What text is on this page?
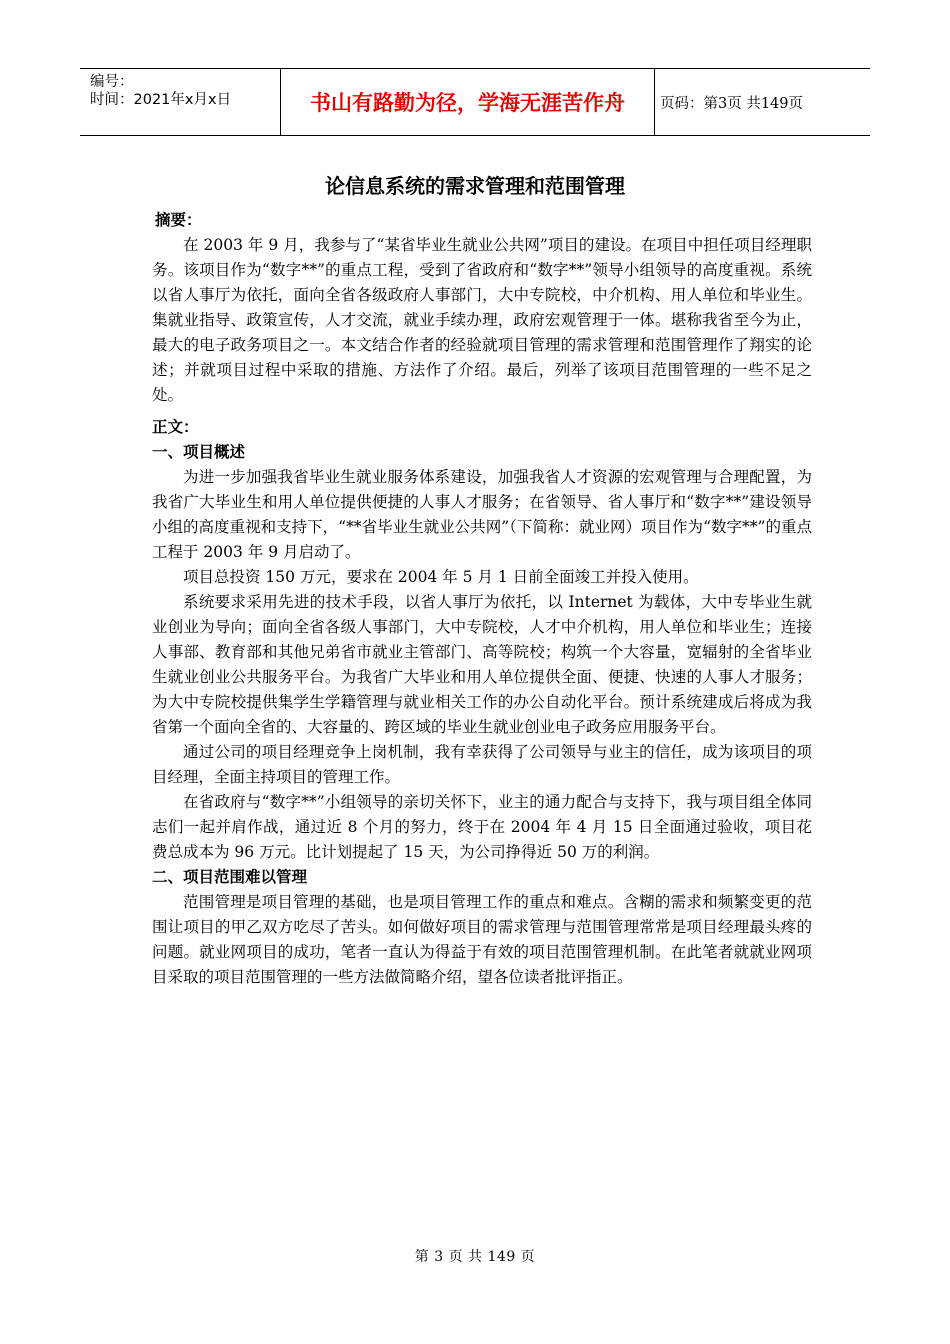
编号：
时间：2021年x月x日	书山有路勤为径，学海无涯苦作舟	页码：第3页 共149页
论信息系统的需求管理和范围管理

摘要：

在 2003 年 9 月，我参与了“某省毕业生就业公共网”项目的建设。在项目中担任项目经理职务。该项目作为“数字**”的重点工程，受到了省政府和“数字**”领导小组领导的高度重视。系统以省人事厅为依托，面向全省各级政府人事部门，大中专院校，中介机构、用人单位和毕业生。集就业指导、政策宣传，人才交流，就业手续办理，政府宏观管理于一体。堪称我省至今为止，最大的电子政务项目之一。本文结合作者的经验就项目管理的需求管理和范围管理作了翔实的论述；并就项目过程中采取的措施、方法作了介绍。最后，列举了该项目范围管理的一些不足之处。

正文：

一、项目概述

为进一步加强我省毕业生就业服务体系建设，加强我省人才资源的宏观管理与合理配置，为我省广大毕业生和用人单位提供便捷的人事人才服务；在省领导、省人事厅和“数字**”建设领导小组的高度重视和支持下，“**省毕业生就业公共网”（下简称：就业网）项目作为“数字**”的重点工程于 2003 年 9 月启动了。

项目总投资 150 万元，要求在 2004 年 5 月 1 日前全面竣工并投入使用。

系统要求采用先进的技术手段，以省人事厅为依托，以 Internet 为载体，大中专毕业生就业创业为导向；面向全省各级人事部门，大中专院校，人才中介机构，用人单位和毕业生；连接人事部、教育部和其他兄弟省市就业主管部门、高等院校；构筑一个大容量，宽辐射的全省毕业生就业创业公共服务平台。为我省广大毕业和用人单位提供全面、便捷、快速的人事人才服务；为大中专院校提供集学生学籍管理与就业相关工作的办公自动化平台。预计系统建成后将成为我省第一个面向全省的、大容量的、跨区域的毕业生就业创业电子政务应用服务平台。

通过公司的项目经理竞争上岗机制，我有幸获得了公司领导与业主的信任，成为该项目的项目经理，全面主持项目的管理工作。

在省政府与“数字**”小组领导的亲切关怀下，业主的通力配合与支持下，我与项目组全体同志们一起并肩作战，通过近 8 个月的努力，终于在 2004 年 4 月 15 日全面通过验收，项目花费总成本为 96 万元。比计划提起了 15 天，为公司挣得近 50 万的利润。

二、项目范围难以管理

范围管理是项目管理的基础，也是项目管理工作的重点和难点。含糊的需求和频繁变更的范围让项目的甲乙双方吃尽了苦头。如何做好项目的需求管理与范围管理常常是项目经理最头疼的问题。就业网项目的成功，笔者一直认为得益于有效的项目范围管理机制。在此笔者就就业网项目采取的项目范围管理的一些方法做简略介绍，望各位读者批评指正。

第 3 页 共 149 页
